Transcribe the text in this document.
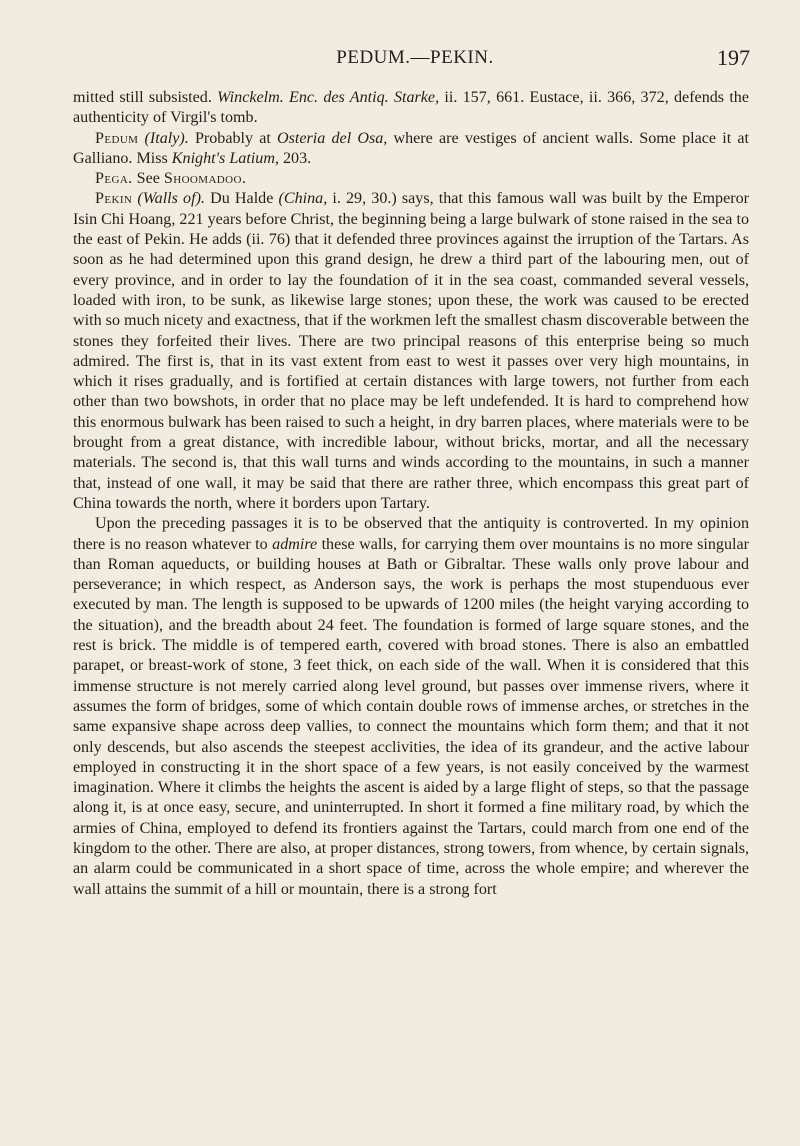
PEDUM.—PEKIN.	197

mitted still subsisted. Winckelm. Enc. des Antiq. Starke, ii. 157, 661. Eustace, ii. 366, 372, defends the authenticity of Virgil's tomb.

Pedum (Italy). Probably at Osteria del Osa, where are vestiges of ancient walls. Some place it at Galliano. Miss Knight's Latium, 203.

Pega. See Shoomadoo.

Pekin (Walls of). Du Halde (China, i. 29, 30.) says, that this famous wall was built by the Emperor Isin Chi Hoang, 221 years before Christ, the beginning being a large bulwark of stone raised in the sea to the east of Pekin. He adds (ii. 76) that it defended three provinces against the irruption of the Tartars. As soon as he had determined upon this grand design, he drew a third part of the labouring men, out of every province, and in order to lay the foundation of it in the sea coast, commanded several vessels, loaded with iron, to be sunk, as likewise large stones; upon these, the work was caused to be erected with so much nicety and exactness, that if the workmen left the smallest chasm discoverable between the stones they forfeited their lives. There are two principal reasons of this enterprise being so much admired. The first is, that in its vast extent from east to west it passes over very high mountains, in which it rises gradually, and is fortified at certain distances with large towers, not further from each other than two bowshots, in order that no place may be left undefended. It is hard to comprehend how this enormous bulwark has been raised to such a height, in dry barren places, where materials were to be brought from a great distance, with incredible labour, without bricks, mortar, and all the necessary materials. The second is, that this wall turns and winds according to the mountains, in such a manner that, instead of one wall, it may be said that there are rather three, which encompass this great part of China towards the north, where it borders upon Tartary.

Upon the preceding passages it is to be observed that the antiquity is controverted. In my opinion there is no reason whatever to admire these walls, for carrying them over mountains is no more singular than Roman aqueducts, or building houses at Bath or Gibraltar. These walls only prove labour and perseverance; in which respect, as Anderson says, the work is perhaps the most stupenduous ever executed by man. The length is supposed to be upwards of 1200 miles (the height varying according to the situation), and the breadth about 24 feet. The foundation is formed of large square stones, and the rest is brick. The middle is of tempered earth, covered with broad stones. There is also an embattled parapet, or breast-work of stone, 3 feet thick, on each side of the wall. When it is considered that this immense structure is not merely carried along level ground, but passes over immense rivers, where it assumes the form of bridges, some of which contain double rows of immense arches, or stretches in the same expansive shape across deep vallies, to connect the mountains which form them; and that it not only descends, but also ascends the steepest acclivities, the idea of its grandeur, and the active labour employed in constructing it in the short space of a few years, is not easily conceived by the warmest imagination. Where it climbs the heights the ascent is aided by a large flight of steps, so that the passage along it, is at once easy, secure, and uninterrupted. In short it formed a fine military road, by which the armies of China, employed to defend its frontiers against the Tartars, could march from one end of the kingdom to the other. There are also, at proper distances, strong towers, from whence, by certain signals, an alarm could be communicated in a short space of time, across the whole empire; and wherever the wall attains the summit of a hill or mountain, there is a strong fort
